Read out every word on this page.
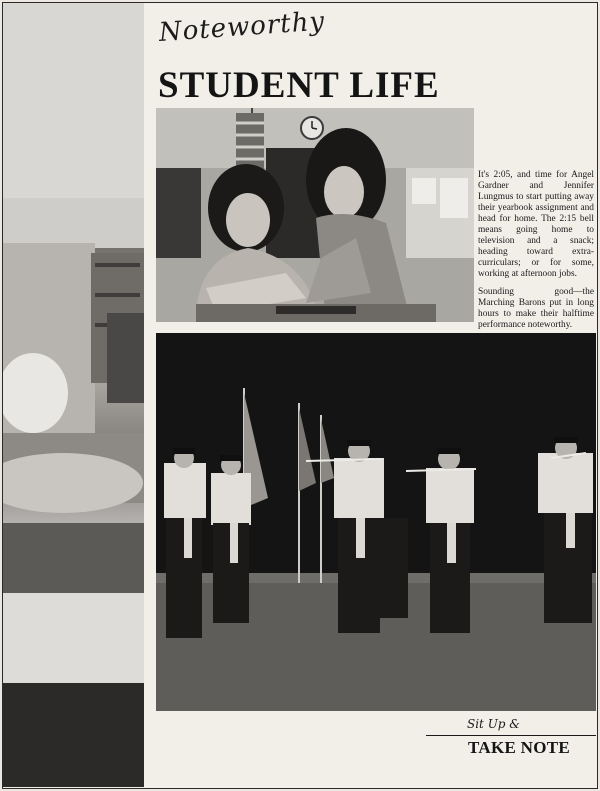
Noteworthy
STUDENT LIFE

It's 2:05, and time for Angel Gardner and Jennifer Lungmus to start putting away their yearbook assignment and head for home. The 2:15 bell means going home to television and a snack; heading toward extra-curriculars; or for some, working at afternoon jobs.

Sounding good—the Marching Barons put in long hours to make their halftime performance noteworthy.

Sit Up &
TAKE NOTE
